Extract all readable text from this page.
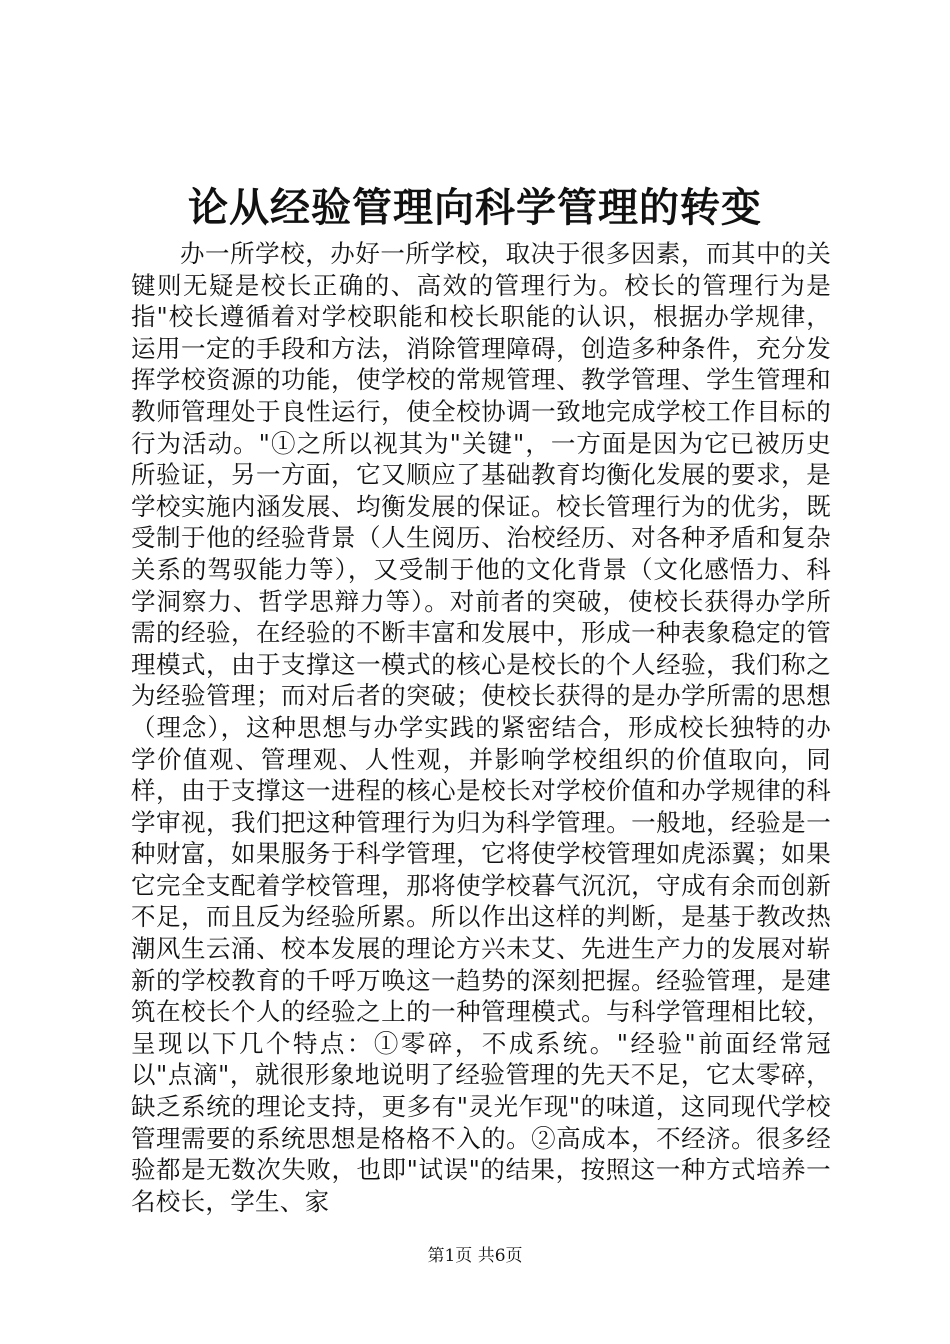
论从经验管理向科学管理的转变

办一所学校，办好一所学校，取决于很多因素，而其中的关键则无疑是校长正确的、高效的管理行为。校长的管理行为是指"校长遵循着对学校职能和校长职能的认识，根据办学规律，运用一定的手段和方法，消除管理障碍，创造多种条件，充分发挥学校资源的功能，使学校的常规管理、教学管理、学生管理和教师管理处于良性运行，使全校协调一致地完成学校工作目标的行为活动。"①之所以视其为"关键"，一方面是因为它已被历史所验证，另一方面，它又顺应了基础教育均衡化发展的要求，是学校实施内涵发展、均衡发展的保证。校长管理行为的优劣，既受制于他的经验背景（人生阅历、治校经历、对各种矛盾和复杂关系的驾驭能力等），又受制于他的文化背景（文化感悟力、科学洞察力、哲学思辩力等）。对前者的突破，使校长获得办学所需的经验，在经验的不断丰富和发展中，形成一种表象稳定的管理模式，由于支撑这一模式的核心是校长的个人经验，我们称之为经验管理；而对后者的突破；使校长获得的是办学所需的思想（理念），这种思想与办学实践的紧密结合，形成校长独特的办学价值观、管理观、人性观，并影响学校组织的价值取向，同样，由于支撑这一进程的核心是校长对学校价值和办学规律的科学审视，我们把这种管理行为归为科学管理。一般地，经验是一种财富，如果服务于科学管理，它将使学校管理如虎添翼；如果它完全支配着学校管理，那将使学校暮气沉沉，守成有余而创新不足，而且反为经验所累。所以作出这样的判断，是基于教改热潮风生云涌、校本发展的理论方兴未艾、先进生产力的发展对崭新的学校教育的千呼万唤这一趋势的深刻把握。经验管理，是建筑在校长个人的经验之上的一种管理模式。与科学管理相比较，呈现以下几个特点：①零碎，不成系统。"经验"前面经常冠以"点滴"，就很形象地说明了经验管理的先天不足，它太零碎，缺乏系统的理论支持，更多有"灵光乍现"的味道，这同现代学校管理需要的系统思想是格格不入的。②高成本，不经济。很多经验都是无数次失败，也即"试误"的结果，按照这一种方式培养一名校长，学生、家

第1页 共6页
